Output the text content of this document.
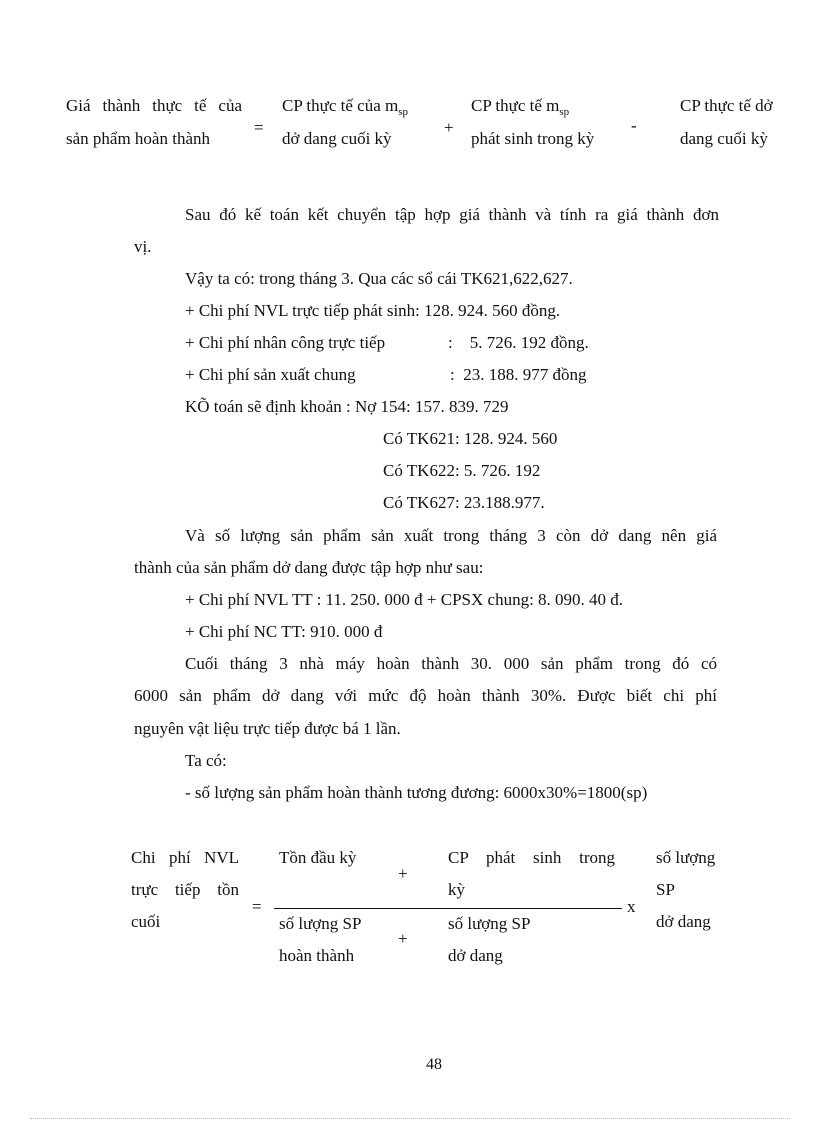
Giá thành thực tế của
sản phẩm hoàn thành
=
CP thực tế của $m_{sp}$
dở dang cuối kỳ
+
CP thực tế $m_{sp}$
phát sinh trong kỳ
-
CP thực tế dở
dang cuối kỳ
Sau đó kế toán kết chuyển tập hợp giá thành và tính ra giá thành đơn
vị.
Vậy ta có: trong tháng 3. Qua các sổ cái TK621,622,627.
+ Chi phí NVL trực tiếp phát sinh: 128. 924. 560 đồng.
+ Chi phí nhân công trực tiếp	:    5. 726. 192 đồng.
+ Chi phí sản xuất chung	:  23. 188. 977 đồng
KÕ toán sẽ định khoản : Nợ 154: 157. 839. 729
Có TK621: 128. 924. 560
Có TK622: 5. 726. 192
Có TK627: 23.188.977.
Và số lượng sản phẩm sản xuất trong tháng 3 còn dở dang nên giá
thành của sản phẩm dở dang được tập hợp như sau:
+ Chi phí NVL TT : 11. 250. 000 đ + CPSX chung: 8. 090. 40 đ.
+ Chi phí NC TT: 910. 000 đ
Cuối tháng 3 nhà máy hoàn thành 30. 000 sản phẩm trong đó có
6000 sản phẩm dở dang với mức độ hoàn thành 30%. Được biết chi phí
nguyên vật liệu trực tiếp được bá 1 lần.
Ta có:
- số lượng sản phẩm hoàn thành tương đương: 6000x30%=1800(sp)
Chi phí NVL
trực tiếp tồn
cuối
=
Tồn đầu kỳ
+
CP phát sinh trong
kỳ
x
số lượng SP
hoàn thành
+
số lượng SP
dở dang
số lượng
SP
dở dang
48
